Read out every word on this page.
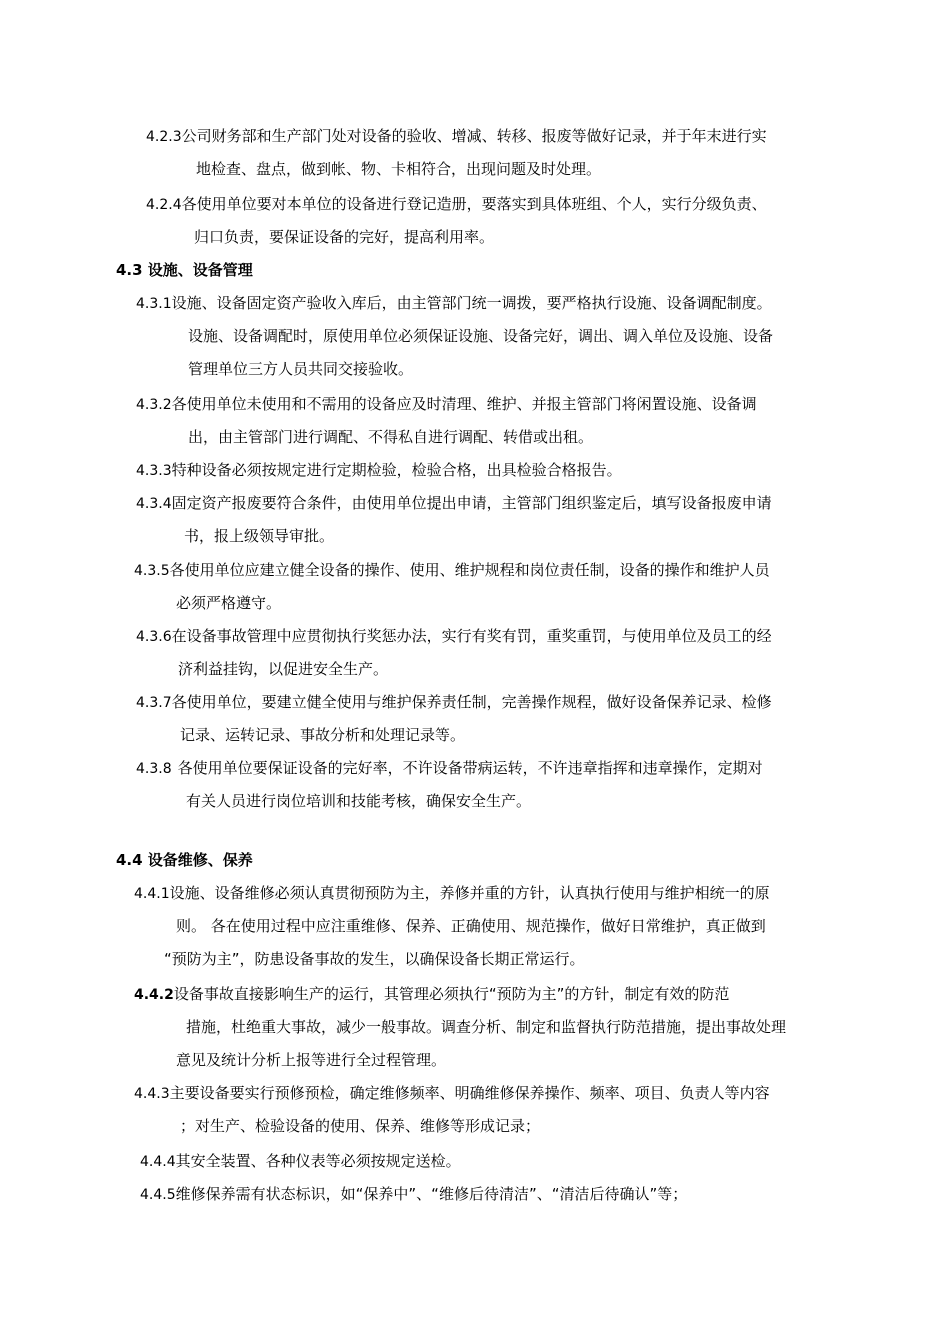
4.2.3公司财务部和生产部门处对设备的验收、增减、转移、报废等做好记录，并于年末进行实
地检查、盘点，做到帐、物、卡相符合，出现问题及时处理。
4.2.4各使用单位要对本单位的设备进行登记造册，要落实到具体班组、个人，实行分级负责、
归口负责，要保证设备的完好，提高利用率。
4.3 设施、设备管理
4.3.1设施、设备固定资产验收入库后，由主管部门统一调拨，要严格执行设施、设备调配制度。
设施、设备调配时，原使用单位必须保证设施、设备完好，调出、调入单位及设施、设备
管理单位三方人员共同交接验收。
4.3.2各使用单位未使用和不需用的设备应及时清理、维护、并报主管部门将闲置设施、设备调
出，由主管部门进行调配、不得私自进行调配、转借或出租。
4.3.3特种设备必须按规定进行定期检验，检验合格，出具检验合格报告。
4.3.4固定资产报废要符合条件，由使用单位提出申请，主管部门组织鉴定后，填写设备报废申请
书，报上级领导审批。
4.3.5各使用单位应建立健全设备的操作、使用、维护规程和岗位责任制，设备的操作和维护人员
必须严格遵守。
4.3.6在设备事故管理中应贯彻执行奖惩办法，实行有奖有罚，重奖重罚，与使用单位及员工的经
济利益挂钩，以促进安全生产。
4.3.7各使用单位，要建立健全使用与维护保养责任制，完善操作规程，做好设备保养记录、检修
记录、运转记录、事故分析和处理记录等。
4.3.8 各使用单位要保证设备的完好率，不许设备带病运转，不许违章指挥和违章操作，定期对
有关人员进行岗位培训和技能考核，确保安全生产。
4.4 设备维修、保养
4.4.1设施、设备维修必须认真贯彻预防为主，养修并重的方针，认真执行使用与维护相统一的原
则。 各在使用过程中应注重维修、保养、正确使用、规范操作，做好日常维护，真正做到
“预防为主”，防患设备事故的发生，以确保设备长期正常运行。
4.4.2设备事故直接影响生产的运行，其管理必须执行“预防为主”的方针，制定有效的防范
措施，杜绝重大事故，减少一般事故。调查分析、制定和监督执行防范措施，提出事故处理
意见及统计分析上报等进行全过程管理。
4.4.3主要设备要实行预修预检，确定维修频率、明确维修保养操作、频率、项目、负责人等内容
；对生产、检验设备的使用、保养、维修等形成记录；
4.4.4其安全装置、各种仪表等必须按规定送检。
4.4.5维修保养需有状态标识，如“保养中”、“维修后待清洁”、“清洁后待确认”等；
